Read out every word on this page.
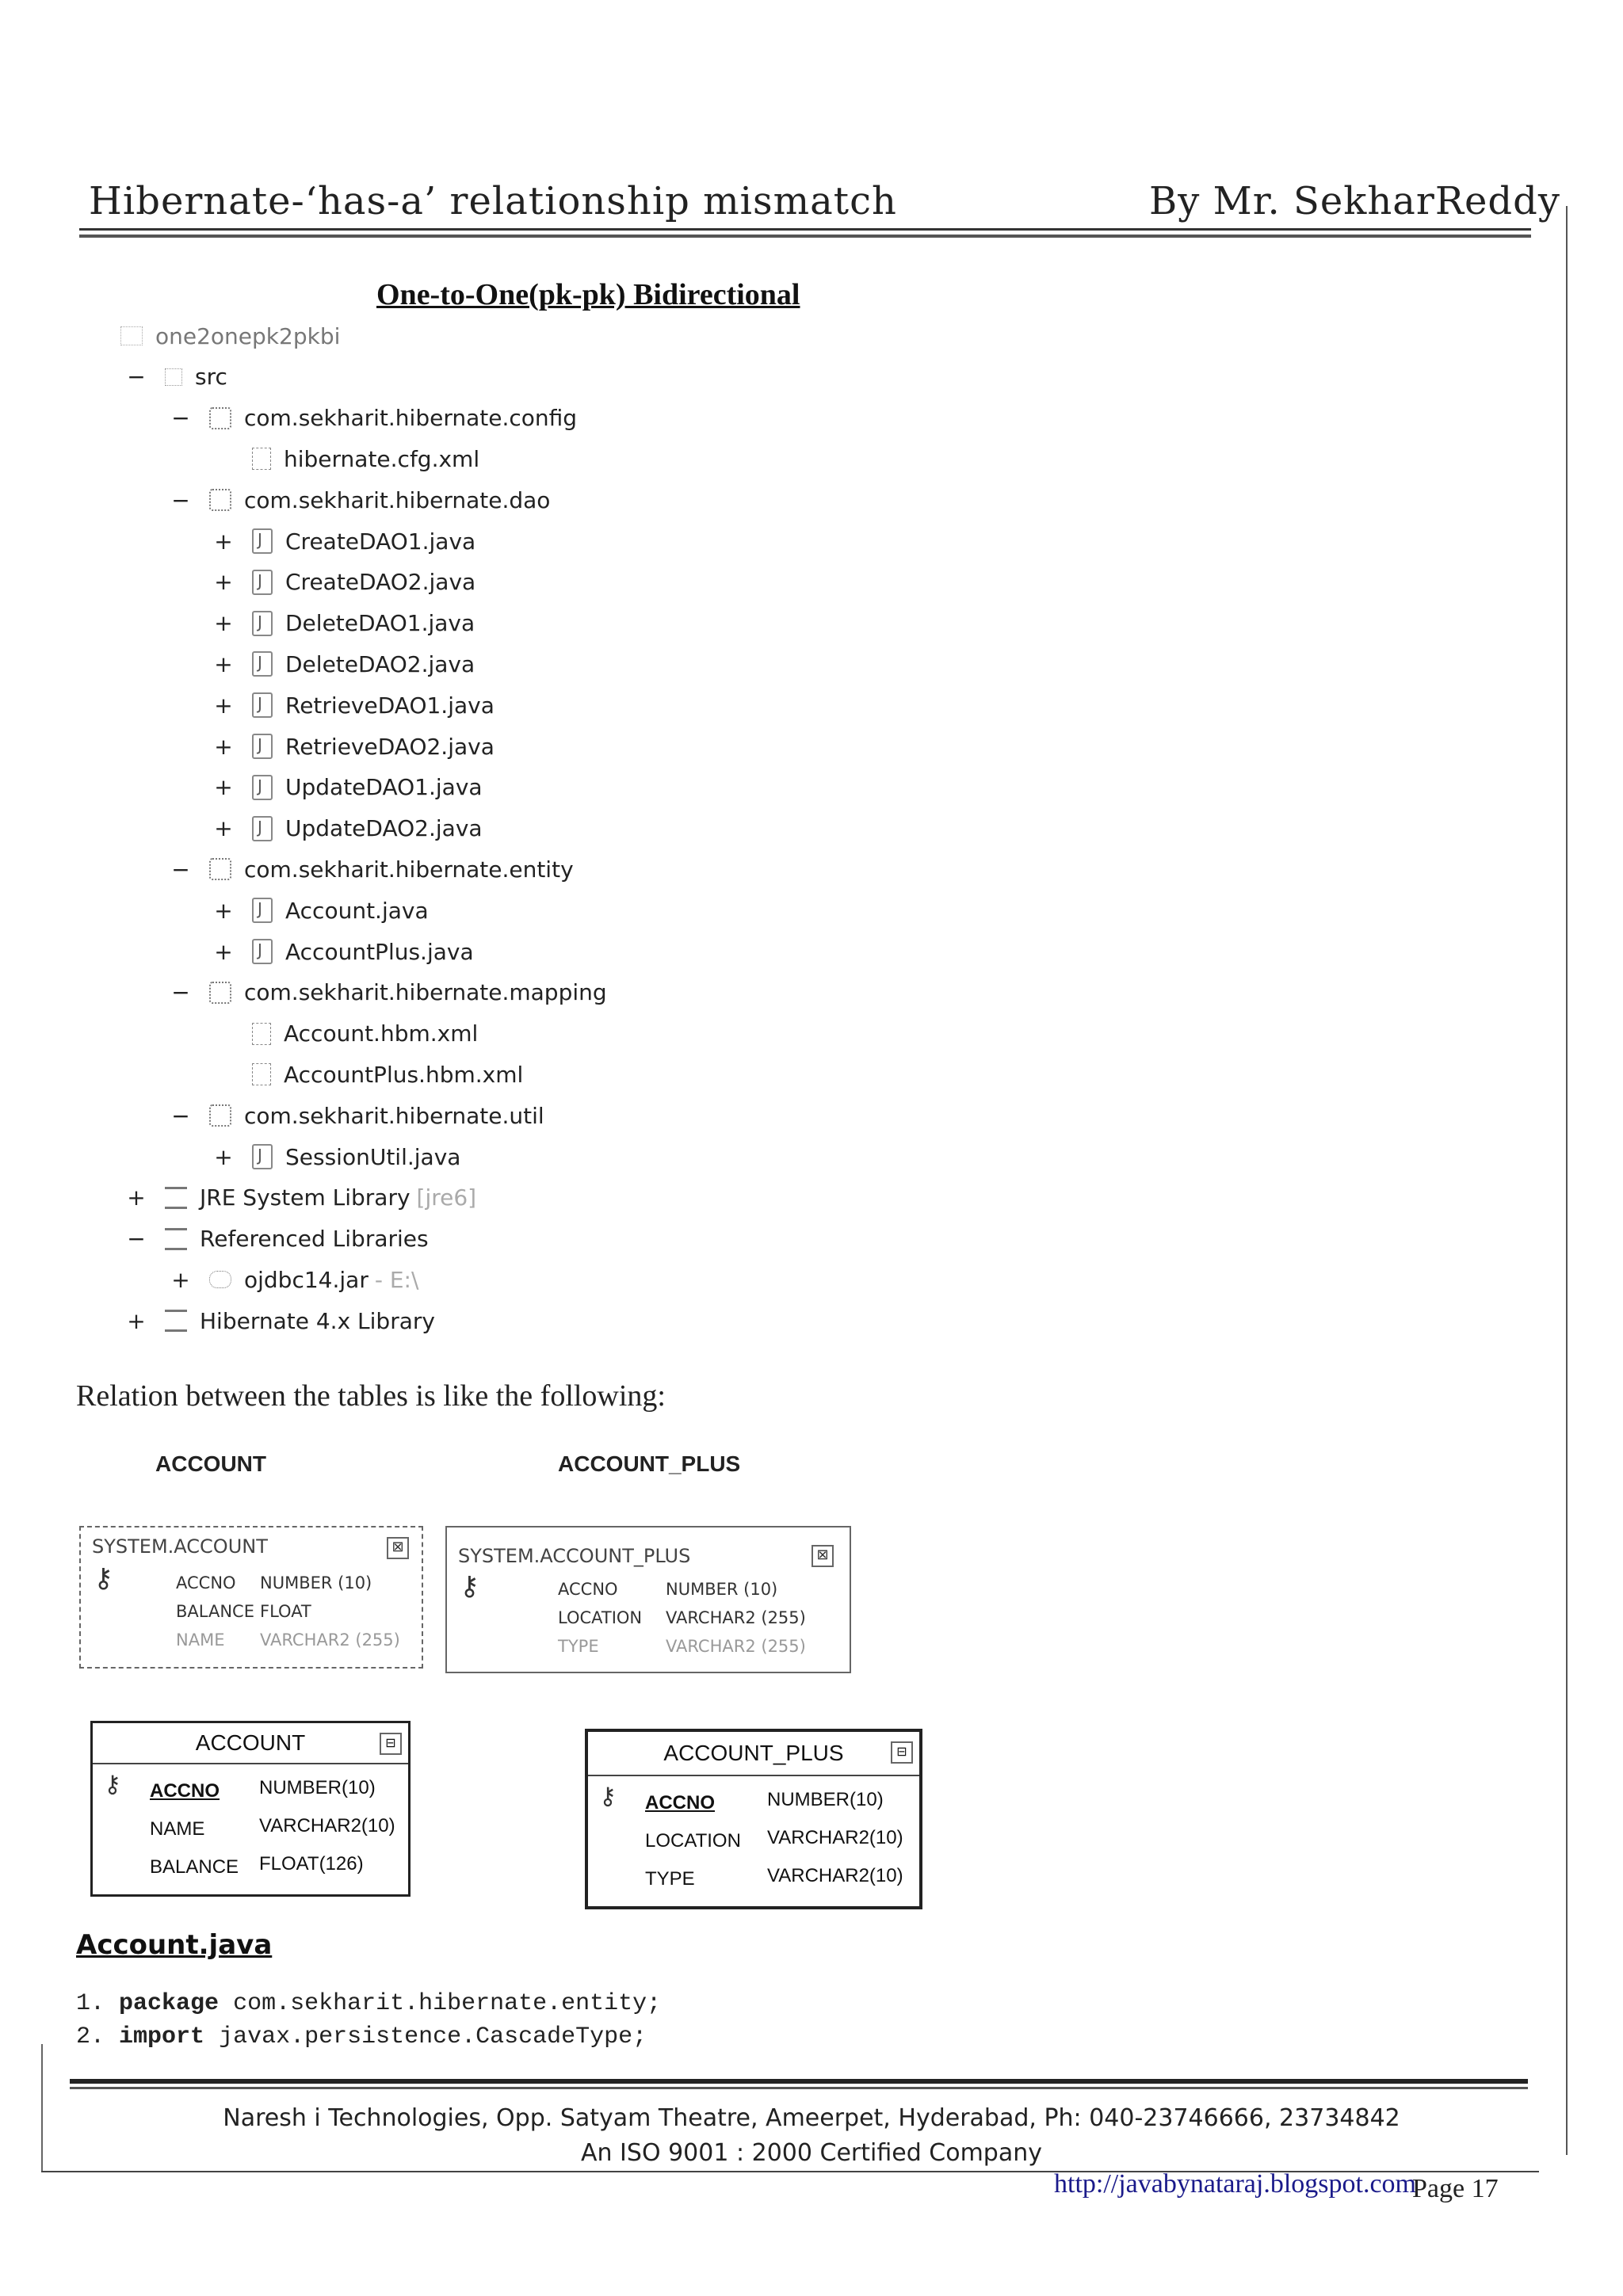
Hibernate-‘has-a’ relationship mismatch	By Mr. SekharReddy
One-to-One(pk-pk) Bidirectional
one2onepk2pkbi
− src
− com.sekharit.hibernate.config
hibernate.cfg.xml
− com.sekharit.hibernate.dao
+ J CreateDAO1.java
+ J CreateDAO2.java
+ J DeleteDAO1.java
+ J DeleteDAO2.java
+ J RetrieveDAO1.java
+ J RetrieveDAO2.java
+ J UpdateDAO1.java
+ J UpdateDAO2.java
− com.sekharit.hibernate.entity
+ J Account.java
+ J AccountPlus.java
− com.sekharit.hibernate.mapping
Account.hbm.xml
AccountPlus.hbm.xml
− com.sekharit.hibernate.util
+ J SessionUtil.java
+ JRE System Library [jre6]
− Referenced Libraries
+ ojdbc14.jar - E:\
+ Hibernate 4.x Library
Relation between the tables is like the following:
ACCOUNT	ACCOUNT_PLUS
SYSTEM.ACCOUNT	⊠
⚷	ACCNO NUMBER (10)
BALANCE FLOAT
NAME VARCHAR2 (255)
SYSTEM.ACCOUNT_PLUS	⊠
⚷	ACCNO	NUMBER (10)
LOCATION VARCHAR2 (255)
TYPE	VARCHAR2 (255)
ACCOUNT	⊟
⚷ ACCNO NUMBER(10)
NAME	VARCHAR2(10)
BALANCE FLOAT(126)
ACCOUNT_PLUS	⊟
⚷ ACCNO	NUMBER(10)
LOCATION VARCHAR2(10)
TYPE	VARCHAR2(10)
Account.java
1. package com.sekharit.hibernate.entity;
2. import javax.persistence.CascadeType;
Naresh i Technologies, Opp. Satyam Theatre, Ameerpet, Hyderabad, Ph: 040-23746666, 23734842
An ISO 9001 : 2000 Certified Company
http://javabynataraj.blogspot.com
Page 17
